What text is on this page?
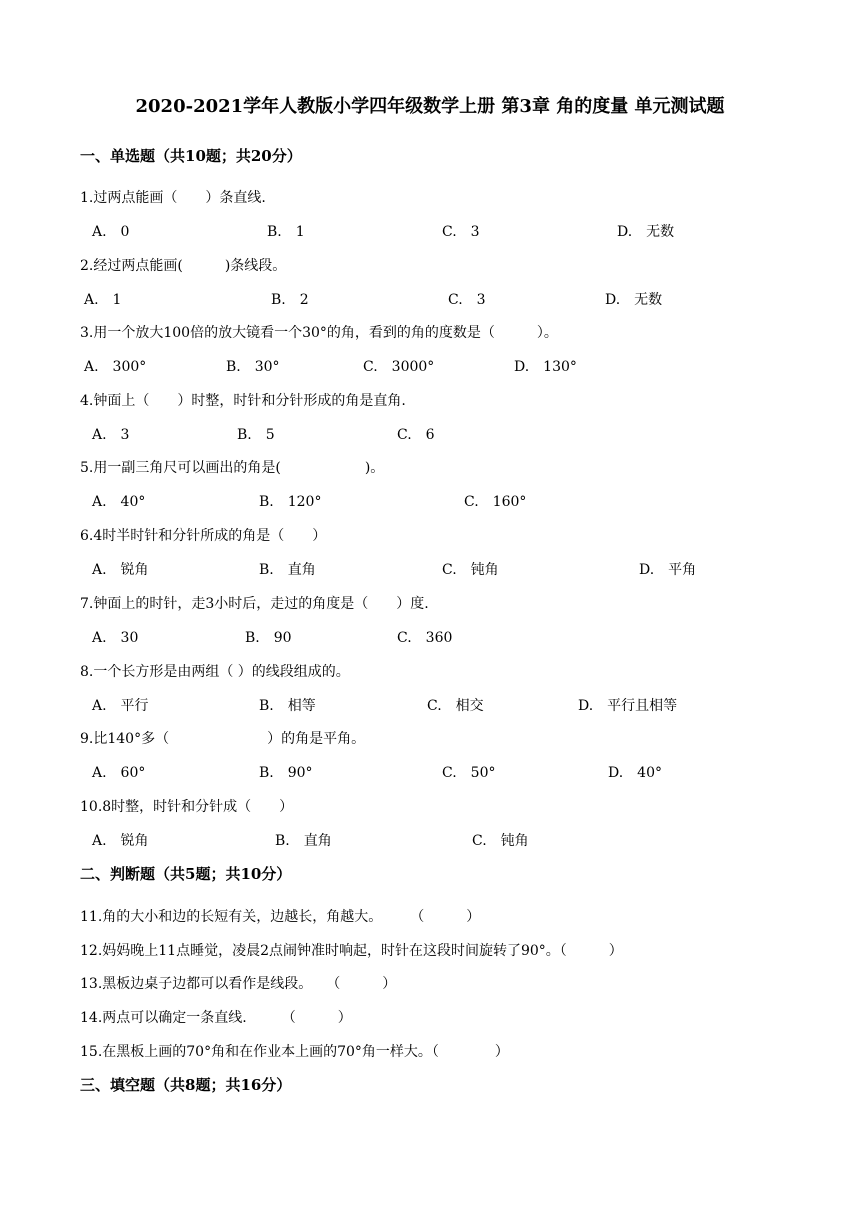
2020-2021学年人教版小学四年级数学上册 第3章 角的度量 单元测试题
一、单选题（共10题；共20分）
1.过两点能画（　　）条直线.
A.　0	B.　1	C.　3	D.　无数
2.经过两点能画(　　　)条线段。
A.　1	B.　2	C.　3	D.　无数
3.用一个放大100倍的放大镜看一个30°的角，看到的角的度数是（　　　）。
A.　300°	B.　30°	C.　3000°	D.　130°
4.钟面上（　　）时整，时针和分针形成的角是直角.
A.　3	B.　5	C.　6
5.用一副三角尺可以画出的角是(　　　　　　)。
A.　40°	B.　120°	C.　160°
6.4时半时针和分针所成的角是（　　）
A.　锐角	B.　直角	C.　钝角	D.　平角
7.钟面上的时针，走3小时后，走过的角度是（　　）度.
A.　30	B.　90	C.　360
8.一个长方形是由两组（ ）的线段组成的。
A.　平行	B.　相等	C.　相交	D.　平行且相等
9.比140°多（　　　　　　　）的角是平角。
A.　60°	B.　90°	C.　50°	D.　40°
10.8时整，时针和分针成（　　）
A.　锐角	B.　直角	C.　钝角
二、判断题（共5题；共10分）
11.角的大小和边的长短有关，边越长，角越大。　　　（　　　）
12.妈妈晚上11点睡觉，凌晨2点闹钟准时响起，时针在这段时间旋转了90°。（　　　）
13.黑板边桌子边都可以看作是线段。　　（　　　）
14.两点可以确定一条直线.　　　（　　　）
15.在黑板上画的70°角和在作业本上画的70°角一样大。（　　　　）
三、填空题（共8题；共16分）
